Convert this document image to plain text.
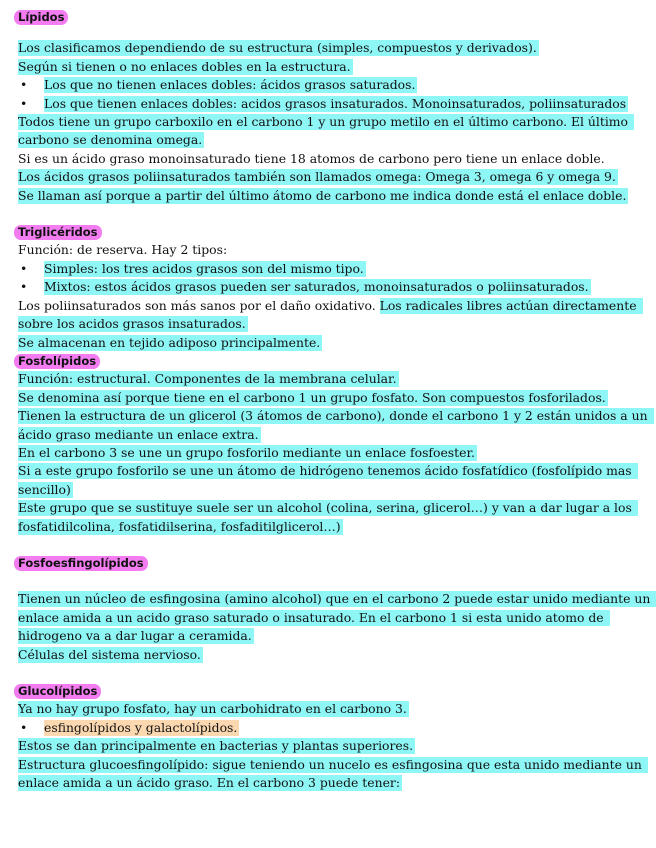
Lípidos
Los clasificamos dependiendo de su estructura (simples, compuestos y derivados).
Según si tienen o no enlaces dobles en la estructura.
• Los que no tienen enlaces dobles: ácidos grasos saturados.
• Los que tienen enlaces dobles: acidos grasos insaturados. Monoinsaturados, poliinsaturados
Todos tiene un grupo carboxilo en el carbono 1 y un grupo metilo en el último carbono. El último carbono se denomina omega.
Si es un ácido graso monoinsaturado tiene 18 atomos de carbono pero tiene un enlace doble.
Los ácidos grasos poliinsaturados también son llamados omega: Omega 3, omega 6 y omega 9.
Se llaman así porque a partir del último átomo de carbono me indica donde está el enlace doble.
Triglicéridos
Función: de reserva. Hay 2 tipos:
• Simples: los tres acidos grasos son del mismo tipo.
• Mixtos: estos ácidos grasos pueden ser saturados, monoinsaturados o poliinsaturados.
Los poliinsaturados son más sanos por el daño oxidativo. Los radicales libres actúan directamente sobre los acidos grasos insaturados.
Se almacenan en tejido adiposo principalmente.
Fosfolípidos
Función: estructural. Componentes de la membrana celular.
Se denomina así porque tiene en el carbono 1 un grupo fosfato. Son compuestos fosforilados.
Tienen la estructura de un glicerol (3 átomos de carbono), donde el carbono 1 y 2 están unidos a un ácido graso mediante un enlace extra.
En el carbono 3 se une un grupo fosforilo mediante un enlace fosfoester.
Si a este grupo fosforilo se une un átomo de hidrógeno tenemos ácido fosfatídico (fosfolípido mas sencillo)
Este grupo que se sustituye suele ser un alcohol (colina, serina, glicerol…) y van a dar lugar a los fosfatidilcolina, fosfatidilserina, fosfaditilglicerol…)
Fosfoesfingolípidos
Tienen un núcleo de esfingosina (amino alcohol) que en el carbono 2 puede estar unido mediante un enlace amida a un acido graso saturado o insaturado. En el carbono 1 si esta unido atomo de hidrogeno va a dar lugar a ceramida.
Células del sistema nervioso.
Glucolípidos
Ya no hay grupo fosfato, hay un carbohidrato en el carbono 3.
• esfingolípidos y galactolípidos.
Estos se dan principalmente en bacterias y plantas superiores.
Estructura glucoesfingolípido: sigue teniendo un nucelo es esfingosina que esta unido mediante un enlace amida a un ácido graso. En el carbono 3 puede tener:
